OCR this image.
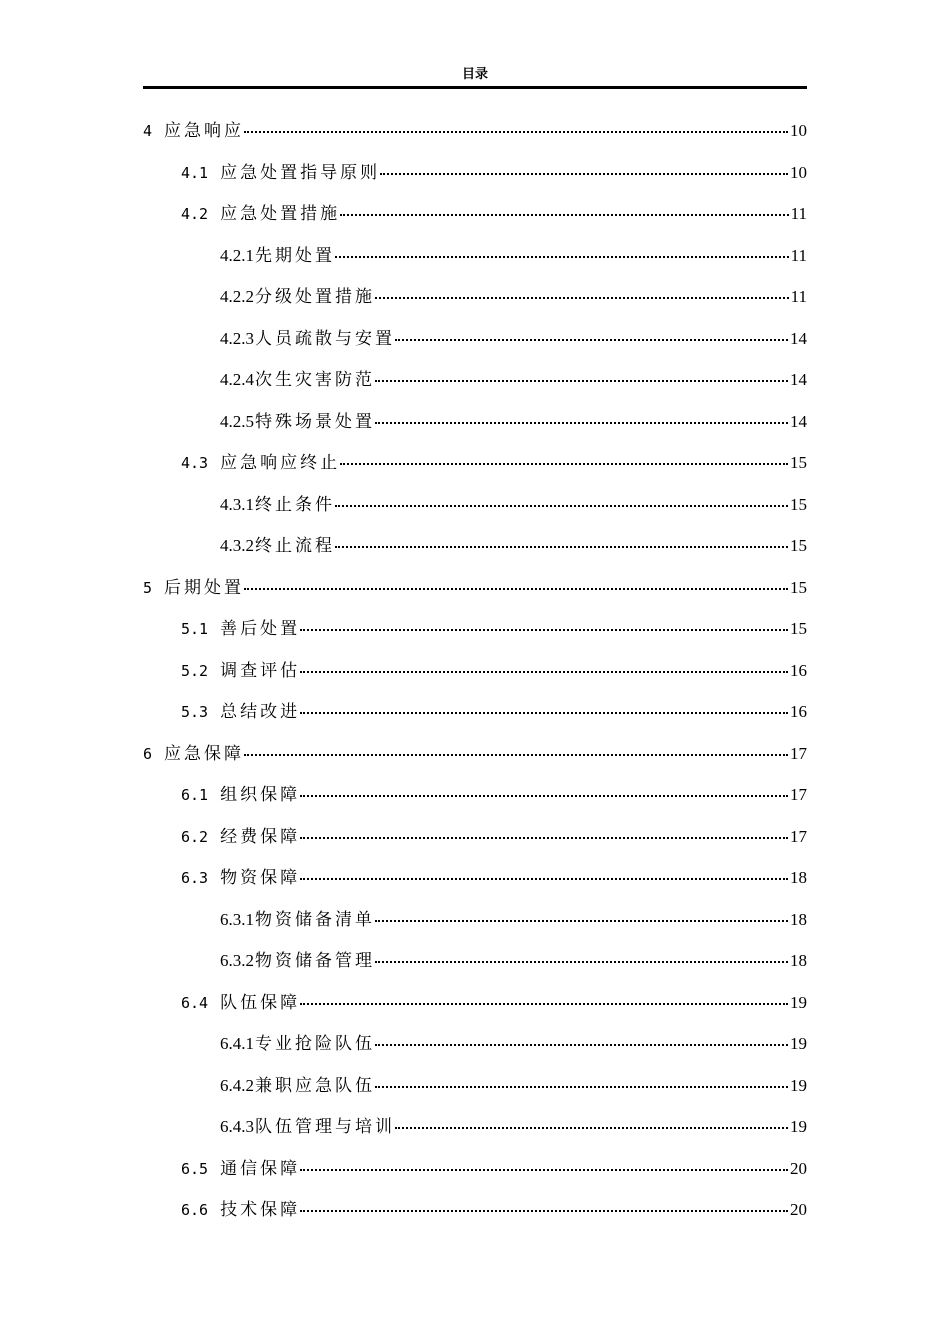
目录
4 应急响应	10
4.1 应急处置指导原则	10
4.2 应急处置措施	11
4.2.1 先期处置	11
4.2.2 分级处置措施	11
4.2.3 人员疏散与安置	14
4.2.4 次生灾害防范	14
4.2.5 特殊场景处置	14
4.3 应急响应终止	15
4.3.1 终止条件	15
4.3.2 终止流程	15
5 后期处置	15
5.1 善后处置	15
5.2 调查评估	16
5.3 总结改进	16
6 应急保障	17
6.1 组织保障	17
6.2 经费保障	17
6.3 物资保障	18
6.3.1 物资储备清单	18
6.3.2 物资储备管理	18
6.4 队伍保障	19
6.4.1 专业抢险队伍	19
6.4.2 兼职应急队伍	19
6.4.3 队伍管理与培训	19
6.5 通信保障	20
6.6 技术保障	20
